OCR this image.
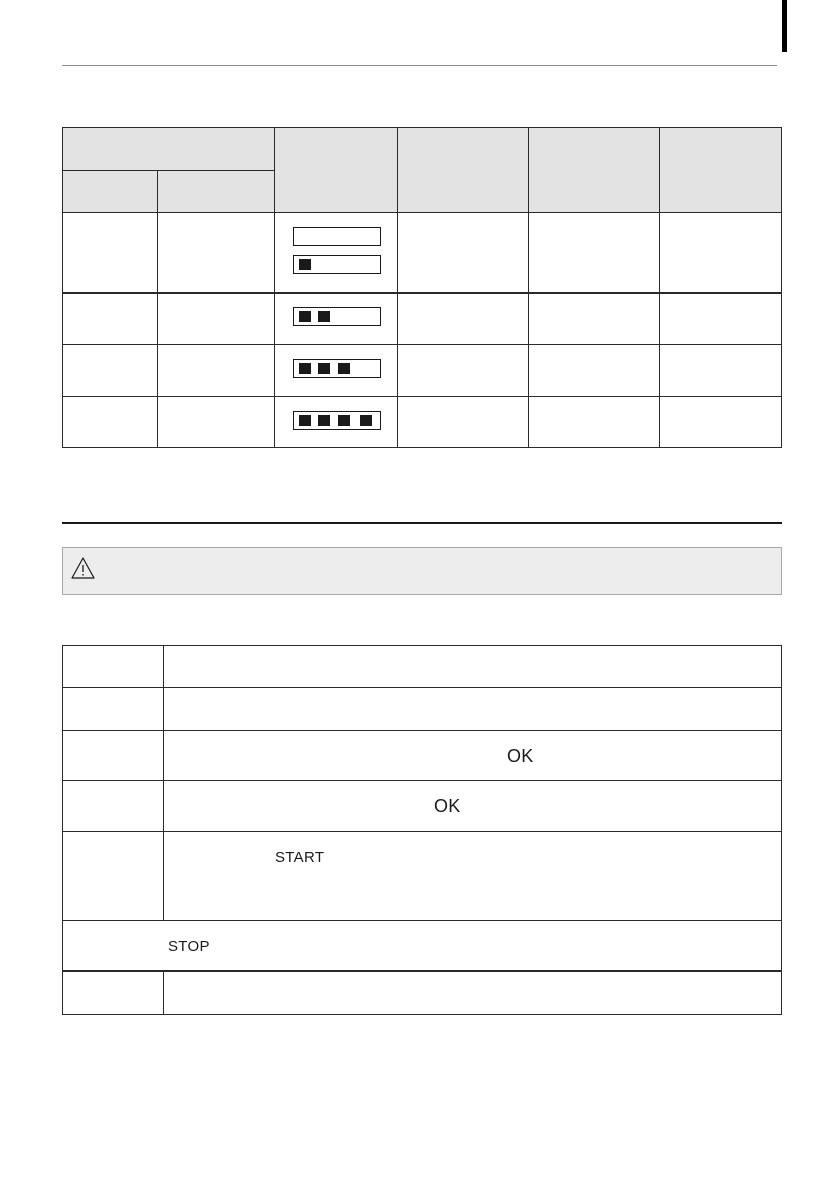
OK
OK
START
STOP
